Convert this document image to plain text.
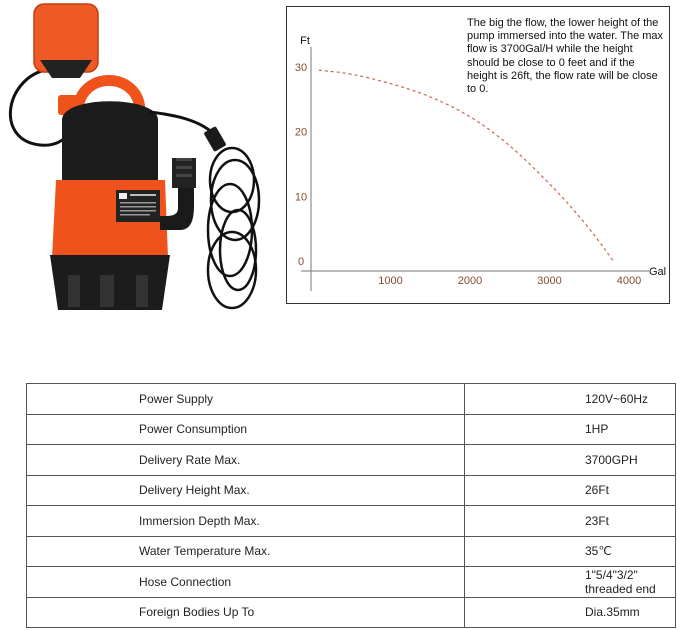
Ft
Gal
1000	2000	3000	4000
0
10
20
30
The big the flow, the lower height of the pump immersed into the water. The max flow is 3700Gal/H while the height should be close to 0 feet and if the height is 26ft, the flow rate will be close to 0.
Power Supply	120V~60Hz
Power Consumption	1HP
Delivery Rate Max.	3700GPH
Delivery Height Max.	26Ft
Immersion Depth Max.	23Ft
Water Temperature Max.	35℃
Hose Connection	1"5/4"3/2" threaded end
Foreign Bodies Up To	Dia.35mm
